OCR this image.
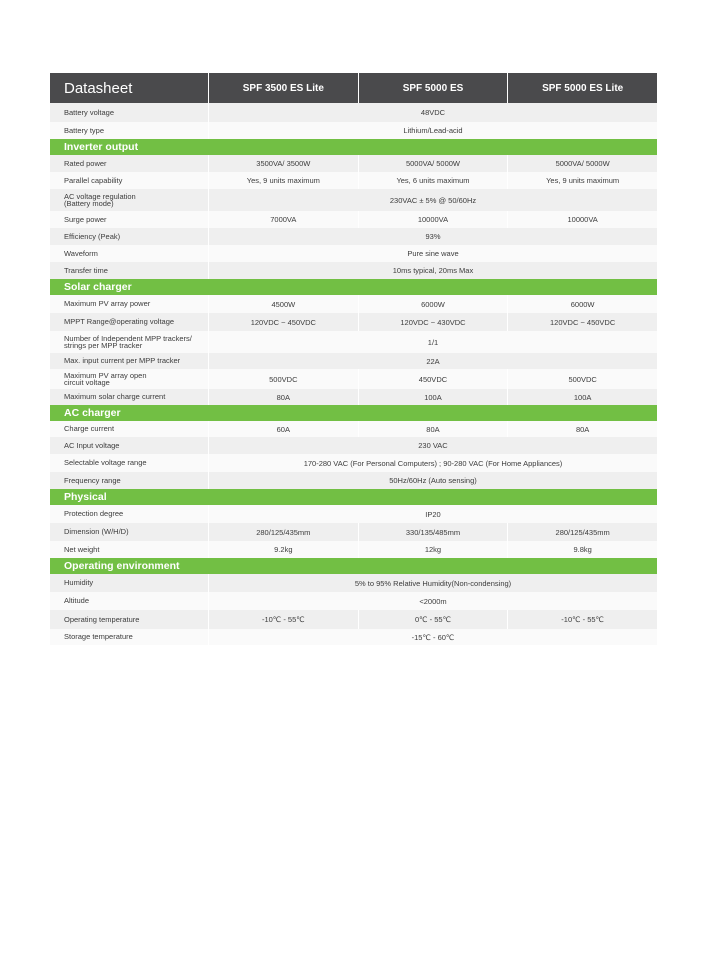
Datasheet	SPF 3500 ES Lite	SPF 5000 ES	SPF 5000 ES Lite
Battery voltage	48VDC
Battery type	Lithium/Lead-acid
Inverter output
Rated power	3500VA/ 3500W	5000VA/ 5000W	5000VA/ 5000W
Parallel capability	Yes, 9 units maximum	Yes, 6 units maximum	Yes, 9 units maximum
AC voltage regulation
(Battery mode)	230VAC ± 5% @ 50/60Hz
Surge power	7000VA	10000VA	10000VA
Efficiency (Peak)	93%
Waveform	Pure sine wave
Transfer time	10ms typical, 20ms Max
Solar charger
Maximum PV array power	4500W	6000W	6000W
MPPT Range@operating voltage	120VDC ~ 450VDC	120VDC ~ 430VDC	120VDC ~ 450VDC
Number of Independent MPP trackers/
strings per MPP tracker	1/1
Max. input current per MPP tracker	22A
Maximum PV array open
circuit voltage	500VDC	450VDC	500VDC
Maximum solar charge current	80A	100A	100A
AC charger
Charge current	60A	80A	80A
AC Input voltage	230 VAC
Selectable voltage range	170-280 VAC (For Personal Computers) ; 90-280 VAC (For Home Appliances)
Frequency range	50Hz/60Hz (Auto sensing)
Physical
Protection degree	IP20
Dimension (W/H/D)	280/125/435mm	330/135/485mm	280/125/435mm
Net weight	9.2kg	12kg	9.8kg
Operating environment
Humidity	5% to 95% Relative Humidity(Non-condensing)
Altitude	<2000m
Operating temperature	-10℃ - 55℃	0℃ - 55℃	-10℃ - 55℃
Storage temperature	-15℃ - 60℃
